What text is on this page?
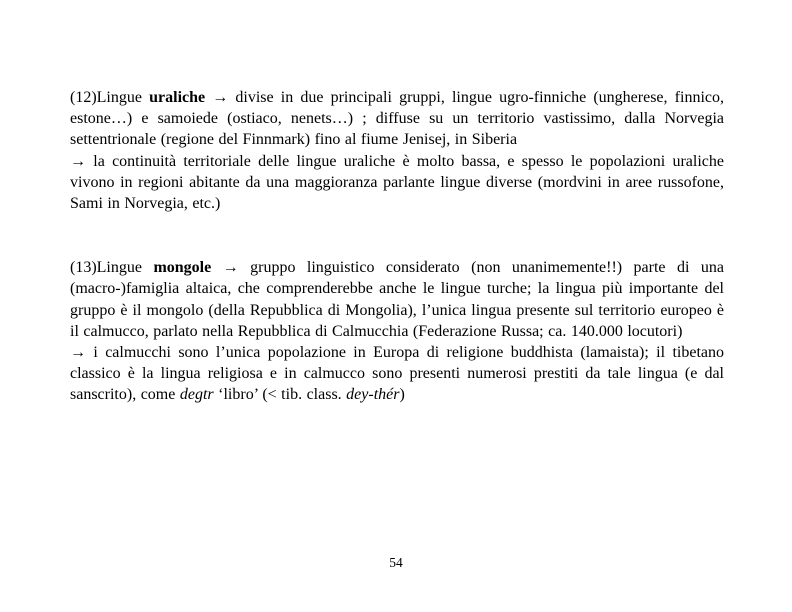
(12)Lingue uraliche → divise in due principali gruppi, lingue ugro-finniche (ungherese, finnico, estone…) e samoiede (ostiaco, nenets…) ; diffuse su un territorio vastissimo, dalla Norvegia settentrionale (regione del Finnmark) fino al fiume Jenisej, in Siberia

→ la continuità territoriale delle lingue uraliche è molto bassa, e spesso le popolazioni uraliche vivono in regioni abitante da una maggioranza parlante lingue diverse (mordvini in aree russofone, Sami in Norvegia, etc.)

(13)Lingue mongole → gruppo linguistico considerato (non unanimemente!!) parte di una (macro-)famiglia altaica, che comprenderebbe anche le lingue turche; la lingua più importante del gruppo è il mongolo (della Repubblica di Mongolia), l’unica lingua presente sul territorio europeo è il calmucco, parlato nella Repubblica di Calmucchia (Federazione Russa; ca. 140.000 locutori)

→ i calmucchi sono l’unica popolazione in Europa di religione buddhista (lamaista); il tibetano classico è la lingua religiosa e in calmucco sono presenti numerosi prestiti da tale lingua (e dal sanscrito), come degtr ‘libro’ (< tib. class. dey-thér)

54
